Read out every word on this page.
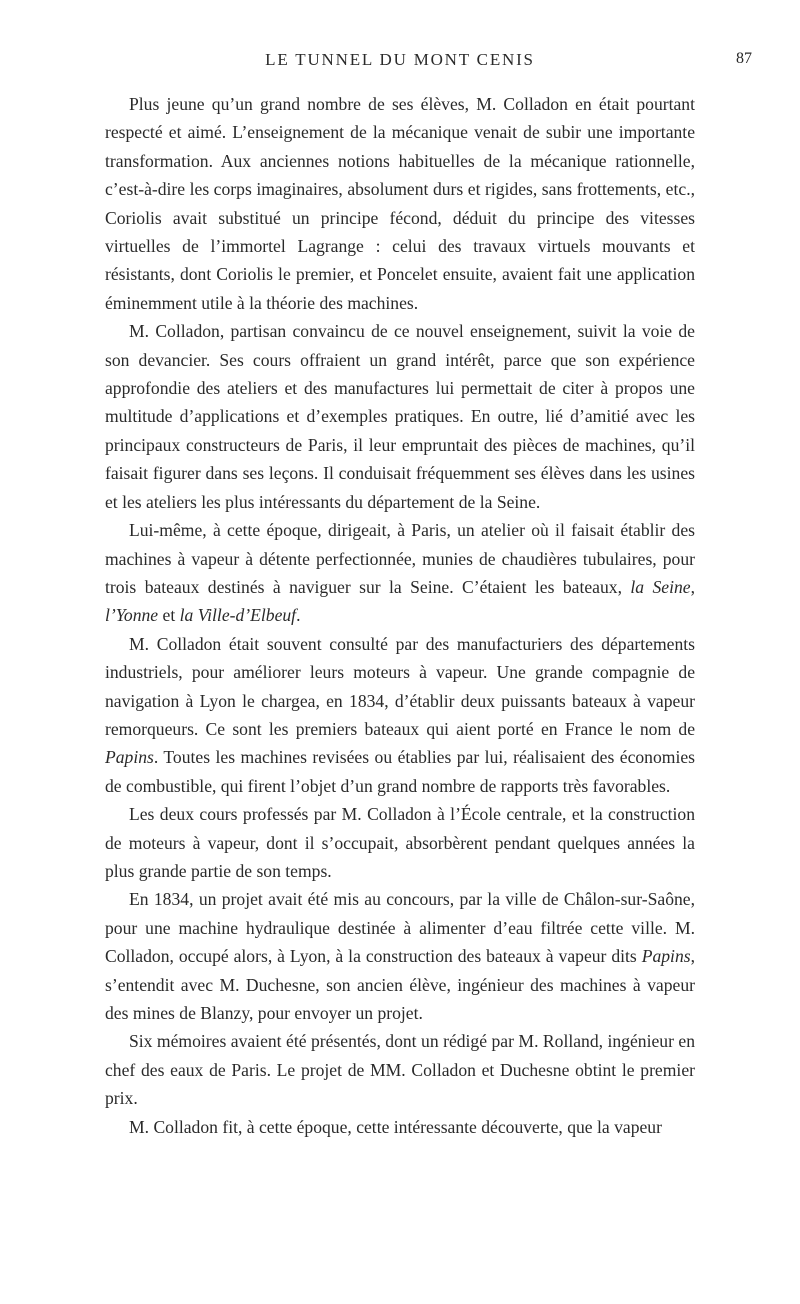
LE TUNNEL DU MONT CENIS	87

Plus jeune qu’un grand nombre de ses élèves, M. Colladon en était pourtant respecté et aimé. L’enseignement de la mécanique venait de subir une importante transformation. Aux anciennes notions habituelles de la mécanique rationnelle, c’est-à-dire les corps imaginaires, absolument durs et rigides, sans frottements, etc., Coriolis avait substitué un principe fécond, déduit du principe des vitesses virtuelles de l’immortel Lagrange : celui des travaux virtuels mouvants et résistants, dont Coriolis le premier, et Poncelet ensuite, avaient fait une application éminemment utile à la théorie des machines.

M. Colladon, partisan convaincu de ce nouvel enseignement, suivit la voie de son devancier. Ses cours offraient un grand intérêt, parce que son expérience approfondie des ateliers et des manufactures lui permettait de citer à propos une multitude d’applications et d’exemples pratiques. En outre, lié d’amitié avec les principaux constructeurs de Paris, il leur empruntait des pièces de machines, qu’il faisait figurer dans ses leçons. Il conduisait fréquemment ses élèves dans les usines et les ateliers les plus intéressants du département de la Seine.

Lui-même, à cette époque, dirigeait, à Paris, un atelier où il faisait établir des machines à vapeur à détente perfectionnée, munies de chaudières tubulaires, pour trois bateaux destinés à naviguer sur la Seine. C’étaient les bateaux, la Seine, l’Yonne et la Ville-d’Elbeuf.

M. Colladon était souvent consulté par des manufacturiers des départements industriels, pour améliorer leurs moteurs à vapeur. Une grande compagnie de navigation à Lyon le chargea, en 1834, d’établir deux puissants bateaux à vapeur remorqueurs. Ce sont les premiers bateaux qui aient porté en France le nom de Papins. Toutes les machines revisées ou établies par lui, réalisaient des économies de combustible, qui firent l’objet d’un grand nombre de rapports très favorables.

Les deux cours professés par M. Colladon à l’École centrale, et la construction de moteurs à vapeur, dont il s’occupait, absorbèrent pendant quelques années la plus grande partie de son temps.

En 1834, un projet avait été mis au concours, par la ville de Châlon-sur-Saône, pour une machine hydraulique destinée à alimenter d’eau filtrée cette ville. M. Colladon, occupé alors, à Lyon, à la construction des bateaux à vapeur dits Papins, s’entendit avec M. Duchesne, son ancien élève, ingénieur des machines à vapeur des mines de Blanzy, pour envoyer un projet.

Six mémoires avaient été présentés, dont un rédigé par M. Rolland, ingénieur en chef des eaux de Paris. Le projet de MM. Colladon et Duchesne obtint le premier prix.

M. Colladon fit, à cette époque, cette intéressante découverte, que la vapeur
